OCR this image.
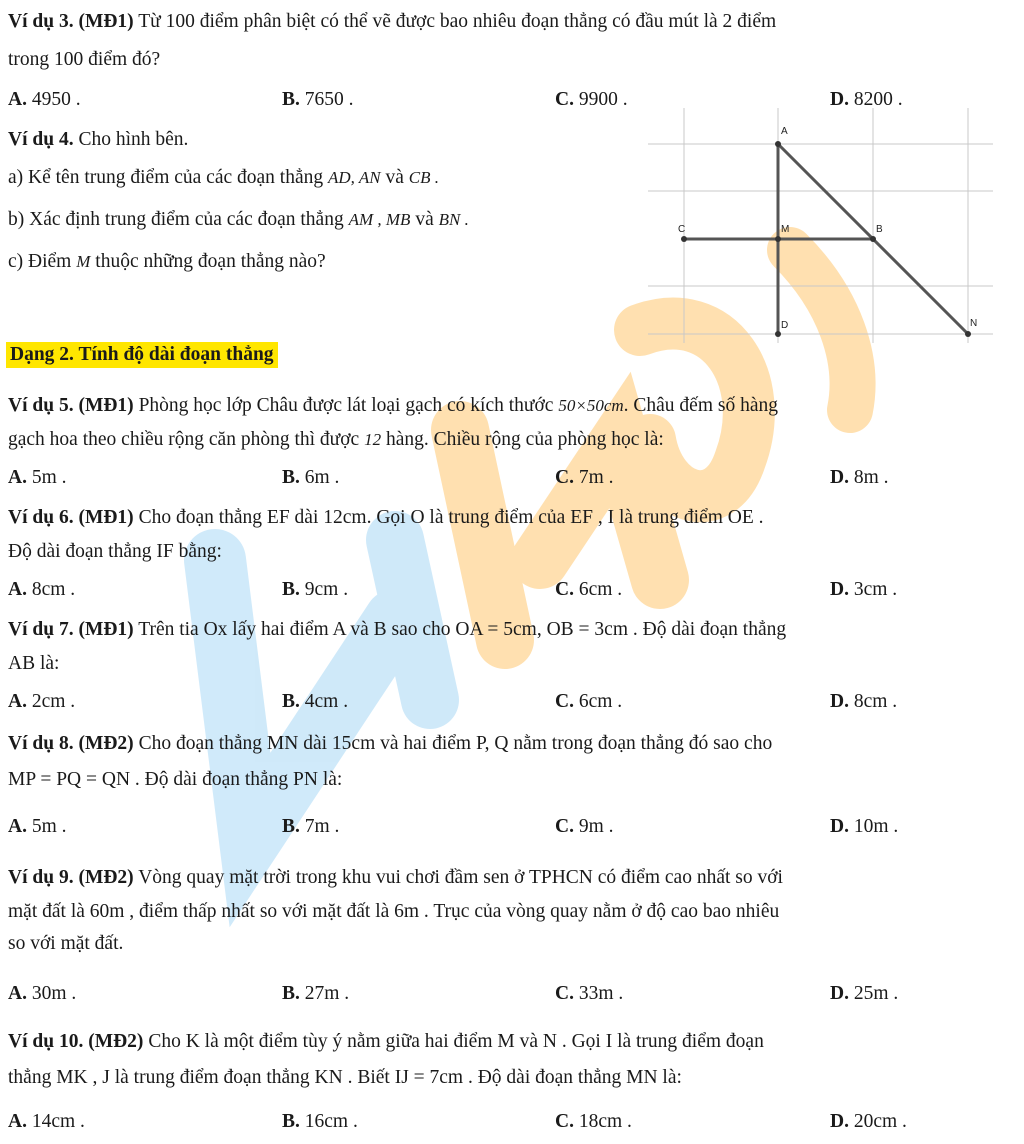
Ví dụ 3. (MĐ1) Từ 100 điểm phân biệt có thể vẽ được bao nhiêu đoạn thẳng có đầu mút là 2 điểm
trong 100 điểm đó?
A. 4950 .	B. 7650 .	C. 9900 .	D. 8200 .
Ví dụ 4. Cho hình bên.
a) Kể tên trung điểm của các đoạn thẳng AD, AN và CB .
b) Xác định trung điểm của các đoạn thẳng AM , MB và BN .
c) Điểm M thuộc những đoạn thẳng nào?
A
C	M	B
D	N
Dạng 2. Tính độ dài đoạn thẳng
Ví dụ 5. (MĐ1) Phòng học lớp Châu được lát loại gạch có kích thước 50×50cm. Châu đếm số hàng
gạch hoa theo chiều rộng căn phòng thì được 12 hàng. Chiều rộng của phòng học là:
A. 5m .	B. 6m .	C. 7m .	D. 8m .
Ví dụ 6. (MĐ1) Cho đoạn thẳng EF dài 12cm. Gọi O là trung điểm của EF , I là trung điểm OE .
Độ dài đoạn thẳng IF bằng:
A. 8cm .	B. 9cm .	C. 6cm .	D. 3cm .
Ví dụ 7. (MĐ1) Trên tia Ox lấy hai điểm A và B sao cho OA = 5cm, OB = 3cm . Độ dài đoạn thẳng
AB là:
A. 2cm .	B. 4cm .	C. 6cm .	D. 8cm .
Ví dụ 8. (MĐ2) Cho đoạn thẳng MN dài 15cm và hai điểm P, Q nằm trong đoạn thẳng đó sao cho
MP = PQ = QN . Độ dài đoạn thẳng PN là:
A. 5m .	B. 7m .	C. 9m .	D. 10m .
Ví dụ 9. (MĐ2) Vòng quay mặt trời trong khu vui chơi đầm sen ở TPHCN có điểm cao nhất so với
mặt đất là 60m , điểm thấp nhất so với mặt đất là 6m . Trục của vòng quay nằm ở độ cao bao nhiêu
so với mặt đất.
A. 30m .	B. 27m .	C. 33m .	D. 25m .
Ví dụ 10. (MĐ2) Cho K là một điểm tùy ý nằm giữa hai điểm M và N . Gọi I là trung điểm đoạn
thẳng MK , J là trung điểm đoạn thẳng KN . Biết IJ = 7cm . Độ dài đoạn thẳng MN là:
A. 14cm .	B. 16cm .	C. 18cm .	D. 20cm .
